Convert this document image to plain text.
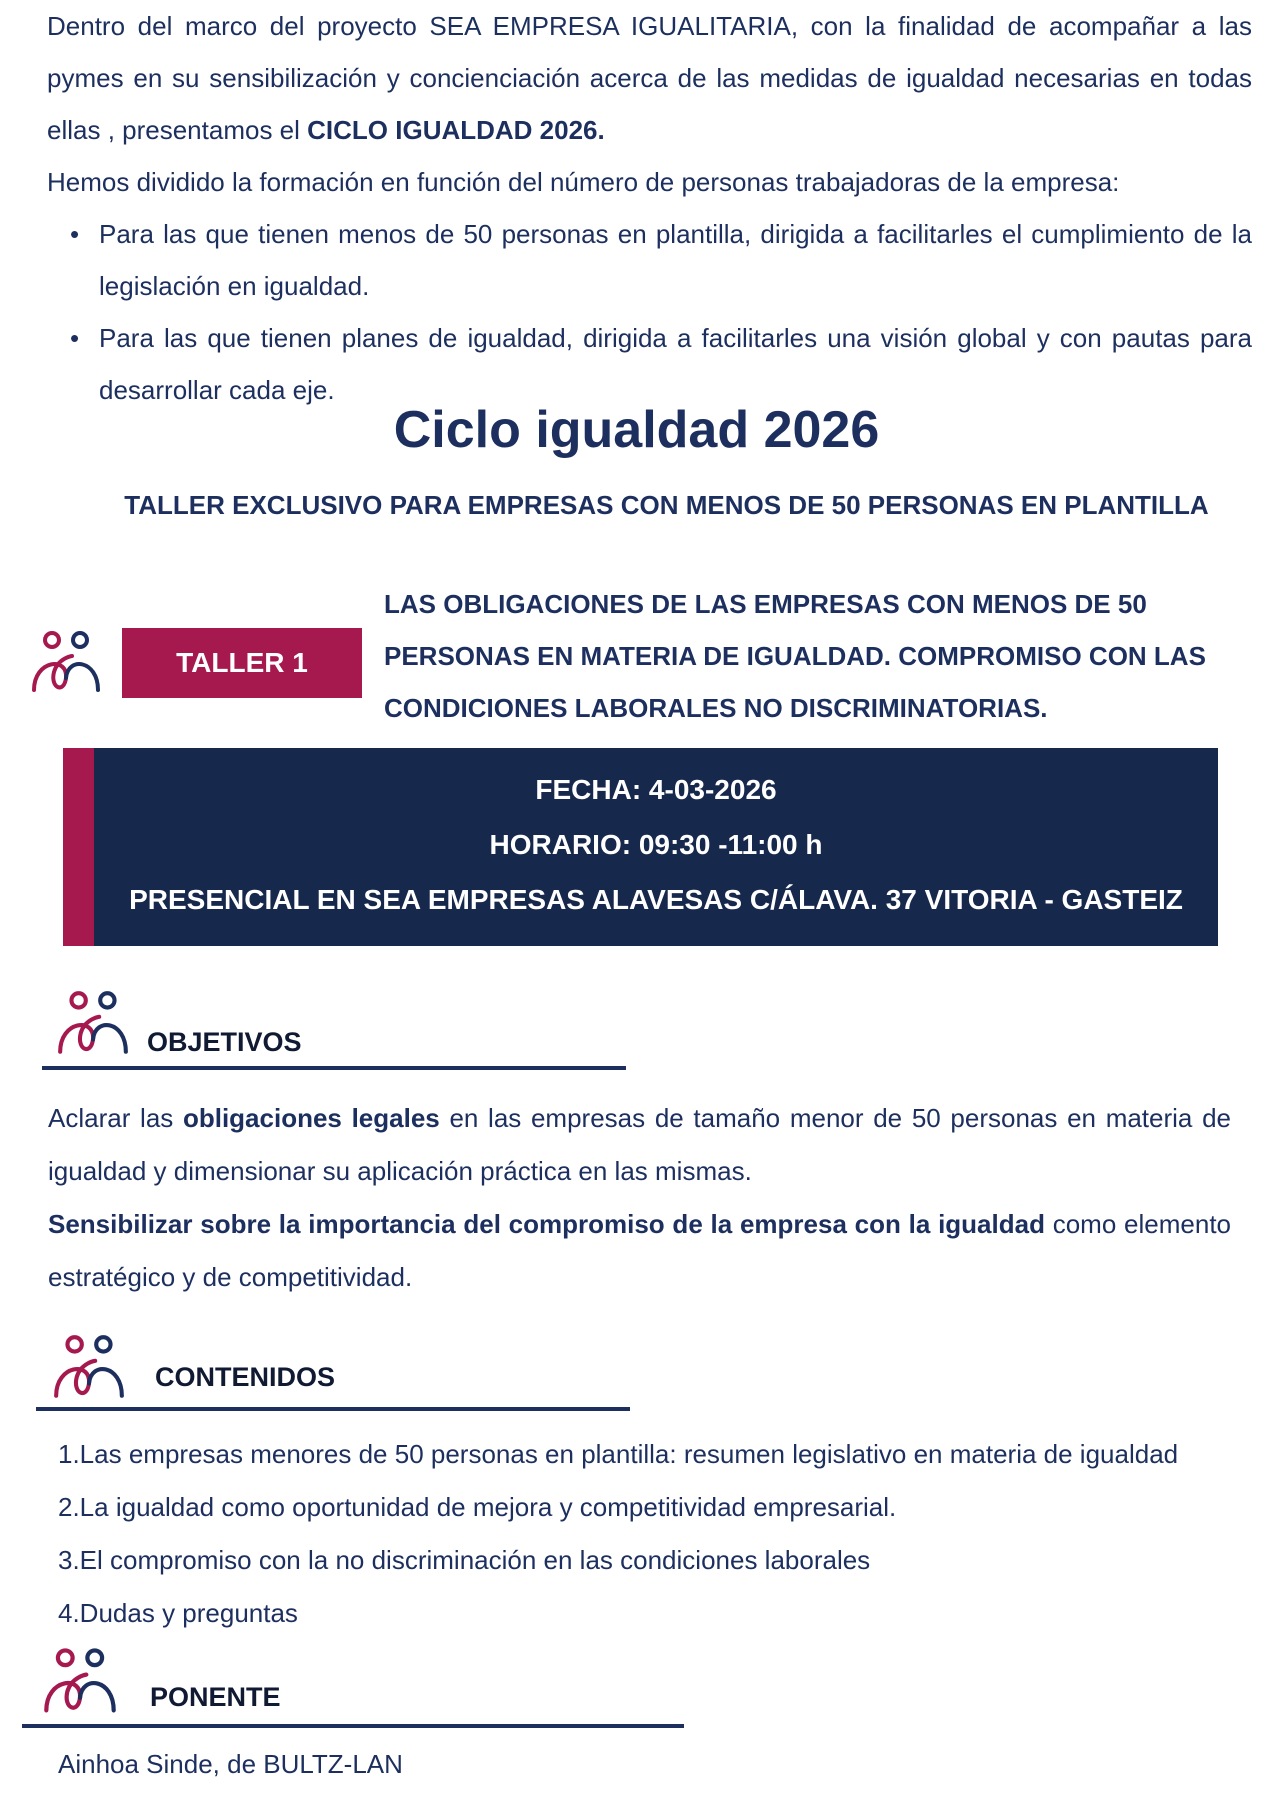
Dentro del marco del proyecto SEA EMPRESA IGUALITARIA, con la finalidad de acompañar a las pymes en su sensibilización y concienciación acerca de las medidas de igualdad necesarias en todas ellas , presentamos el CICLO IGUALDAD 2026.

Hemos dividido la formación en función del número de personas trabajadoras de la empresa:

• Para las que tienen menos de 50 personas en plantilla, dirigida a facilitarles el cumplimiento de la legislación en igualdad.
• Para las que tienen planes de igualdad, dirigida a facilitarles una visión global y con pautas para desarrollar cada eje.
Ciclo igualdad 2026
TALLER EXCLUSIVO PARA EMPRESAS CON MENOS DE 50 PERSONAS EN PLANTILLA
TALLER 1
LAS OBLIGACIONES DE LAS EMPRESAS CON MENOS DE 50 PERSONAS EN MATERIA DE IGUALDAD. COMPROMISO CON LAS CONDICIONES LABORALES NO DISCRIMINATORIAS.
FECHA: 4-03-2026
HORARIO: 09:30 -11:00 h
PRESENCIAL EN SEA EMPRESAS ALAVESAS C/ÁLAVA. 37 VITORIA - GASTEIZ
OBJETIVOS

Aclarar las obligaciones legales en las empresas de tamaño menor de 50 personas en materia de igualdad y dimensionar su aplicación práctica en las mismas.

Sensibilizar sobre la importancia del compromiso de la empresa con la igualdad como elemento estratégico y de competitividad.

CONTENIDOS
1.Las empresas menores de 50 personas en plantilla: resumen legislativo en materia de igualdad
2.La igualdad como oportunidad de mejora y competitividad empresarial.
3.El compromiso con la no discriminación en las condiciones laborales
4.Dudas y preguntas
PONENTE
Ainhoa Sinde, de BULTZ-LAN
